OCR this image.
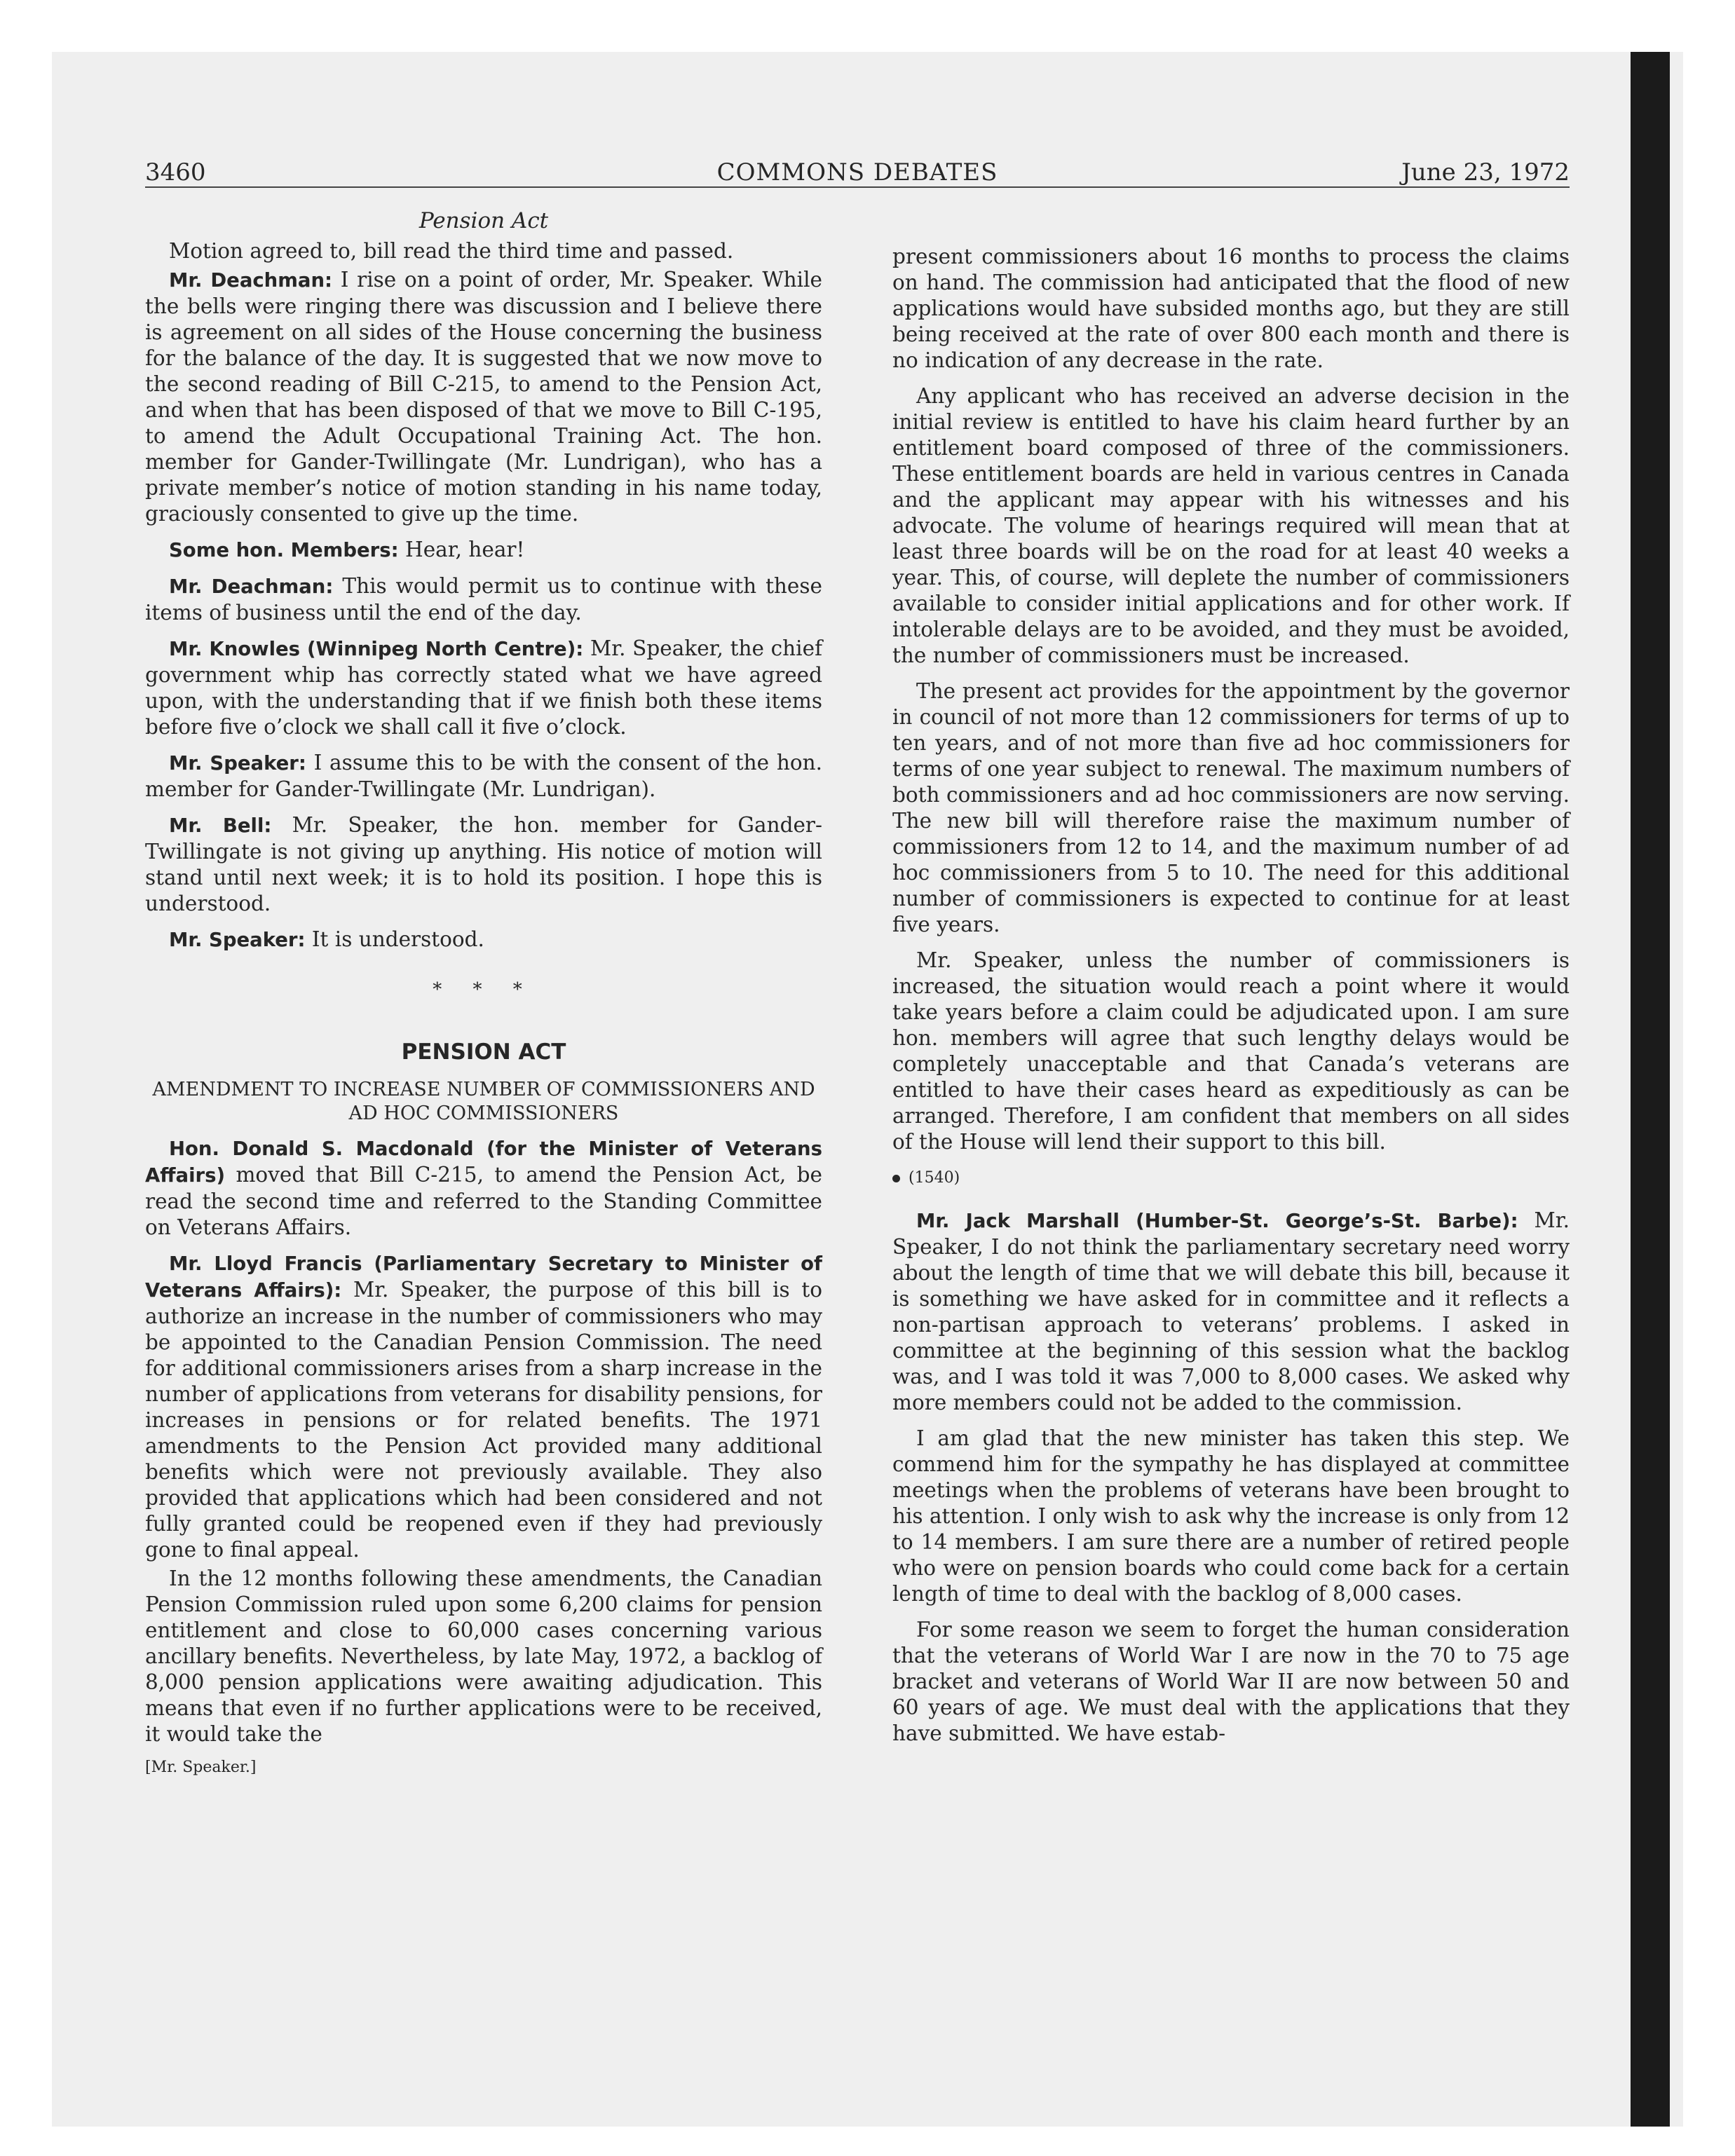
3460	COMMONS DEBATES	June 23, 1972

Pension Act

Motion agreed to, bill read the third time and passed.

Mr. Deachman: I rise on a point of order, Mr. Speaker. While the bells were ringing there was discussion and I believe there is agreement on all sides of the House concerning the business for the balance of the day. It is suggested that we now move to the second reading of Bill C-215, to amend to the Pension Act, and when that has been disposed of that we move to Bill C-195, to amend the Adult Occupational Training Act. The hon. member for Gander-Twillingate (Mr. Lundrigan), who has a private member’s notice of motion standing in his name today, graciously consented to give up the time.

Some hon. Members: Hear, hear!

Mr. Deachman: This would permit us to continue with these items of business until the end of the day.

Mr. Knowles (Winnipeg North Centre): Mr. Speaker, the chief government whip has correctly stated what we have agreed upon, with the understanding that if we finish both these items before five o’clock we shall call it five o’clock.

Mr. Speaker: I assume this to be with the consent of the hon. member for Gander-Twillingate (Mr. Lundrigan).

Mr. Bell: Mr. Speaker, the hon. member for Gander-Twillingate is not giving up anything. His notice of motion will stand until next week; it is to hold its position. I hope this is understood.

Mr. Speaker: It is understood.

* * *

PENSION ACT

AMENDMENT TO INCREASE NUMBER OF COMMISSIONERS AND AD HOC COMMISSIONERS

Hon. Donald S. Macdonald (for the Minister of Veterans Affairs) moved that Bill C-215, to amend the Pension Act, be read the second time and referred to the Standing Committee on Veterans Affairs.

Mr. Lloyd Francis (Parliamentary Secretary to Minister of Veterans Affairs): Mr. Speaker, the purpose of this bill is to authorize an increase in the number of commissioners who may be appointed to the Canadian Pension Commission. The need for additional commissioners arises from a sharp increase in the number of applications from veterans for disability pensions, for increases in pensions or for related benefits. The 1971 amendments to the Pension Act provided many additional benefits which were not previously available. They also provided that applications which had been considered and not fully granted could be reopened even if they had previously gone to final appeal.

In the 12 months following these amendments, the Canadian Pension Commission ruled upon some 6,200 claims for pension entitlement and close to 60,000 cases concerning various ancillary benefits. Nevertheless, by late May, 1972, a backlog of 8,000 pension applications were awaiting adjudication. This means that even if no further applications were to be received, it would take the

[Mr. Speaker.]

present commissioners about 16 months to process the claims on hand. The commission had anticipated that the flood of new applications would have subsided months ago, but they are still being received at the rate of over 800 each month and there is no indication of any decrease in the rate.

Any applicant who has received an adverse decision in the initial review is entitled to have his claim heard further by an entitlement board composed of three of the commissioners. These entitlement boards are held in various centres in Canada and the applicant may appear with his witnesses and his advocate. The volume of hearings required will mean that at least three boards will be on the road for at least 40 weeks a year. This, of course, will deplete the number of commissioners available to consider initial applications and for other work. If intolerable delays are to be avoided, and they must be avoided, the number of commissioners must be increased.

The present act provides for the appointment by the governor in council of not more than 12 commissioners for terms of up to ten years, and of not more than five ad hoc commissioners for terms of one year subject to renewal. The maximum numbers of both commissioners and ad hoc commissioners are now serving. The new bill will therefore raise the maximum number of commissioners from 12 to 14, and the maximum number of ad hoc commissioners from 5 to 10. The need for this additional number of commissioners is expected to continue for at least five years.

Mr. Speaker, unless the number of commissioners is increased, the situation would reach a point where it would take years before a claim could be adjudicated upon. I am sure hon. members will agree that such lengthy delays would be completely unacceptable and that Canada’s veterans are entitled to have their cases heard as expeditiously as can be arranged. Therefore, I am confident that members on all sides of the House will lend their support to this bill.

(1540)

Mr. Jack Marshall (Humber-St. George’s-St. Barbe): Mr. Speaker, I do not think the parliamentary secretary need worry about the length of time that we will debate this bill, because it is something we have asked for in committee and it reflects a non-partisan approach to veterans’ problems. I asked in committee at the beginning of this session what the backlog was, and I was told it was 7,000 to 8,000 cases. We asked why more members could not be added to the commission.

I am glad that the new minister has taken this step. We commend him for the sympathy he has displayed at committee meetings when the problems of veterans have been brought to his attention. I only wish to ask why the increase is only from 12 to 14 members. I am sure there are a number of retired people who were on pension boards who could come back for a certain length of time to deal with the backlog of 8,000 cases.

For some reason we seem to forget the human consideration that the veterans of World War I are now in the 70 to 75 age bracket and veterans of World War II are now between 50 and 60 years of age. We must deal with the applications that they have submitted. We have estab-
